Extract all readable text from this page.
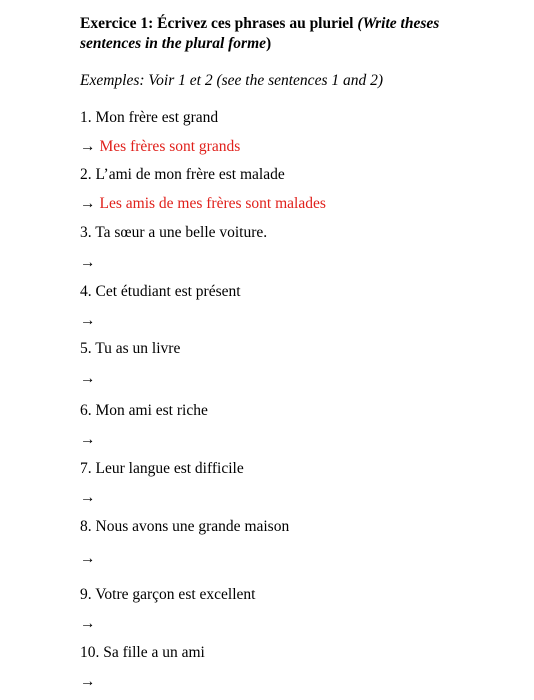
Exercice 1: Écrivez ces phrases au pluriel (Write theses sentences in the plural forme)
Exemples: Voir 1 et 2 (see the sentences 1 and 2)
1. Mon frère est grand
→ Mes frères sont grands
2. L’ami de mon frère est malade
→ Les amis de mes frères sont malades
3. Ta sœur a une belle voiture.
→
4. Cet étudiant est présent
→
5. Tu as un livre
→
6. Mon ami est riche
→
7. Leur langue est difficile
→
8. Nous avons une grande maison
→
9. Votre garçon est excellent
→
10. Sa fille a un ami
→
